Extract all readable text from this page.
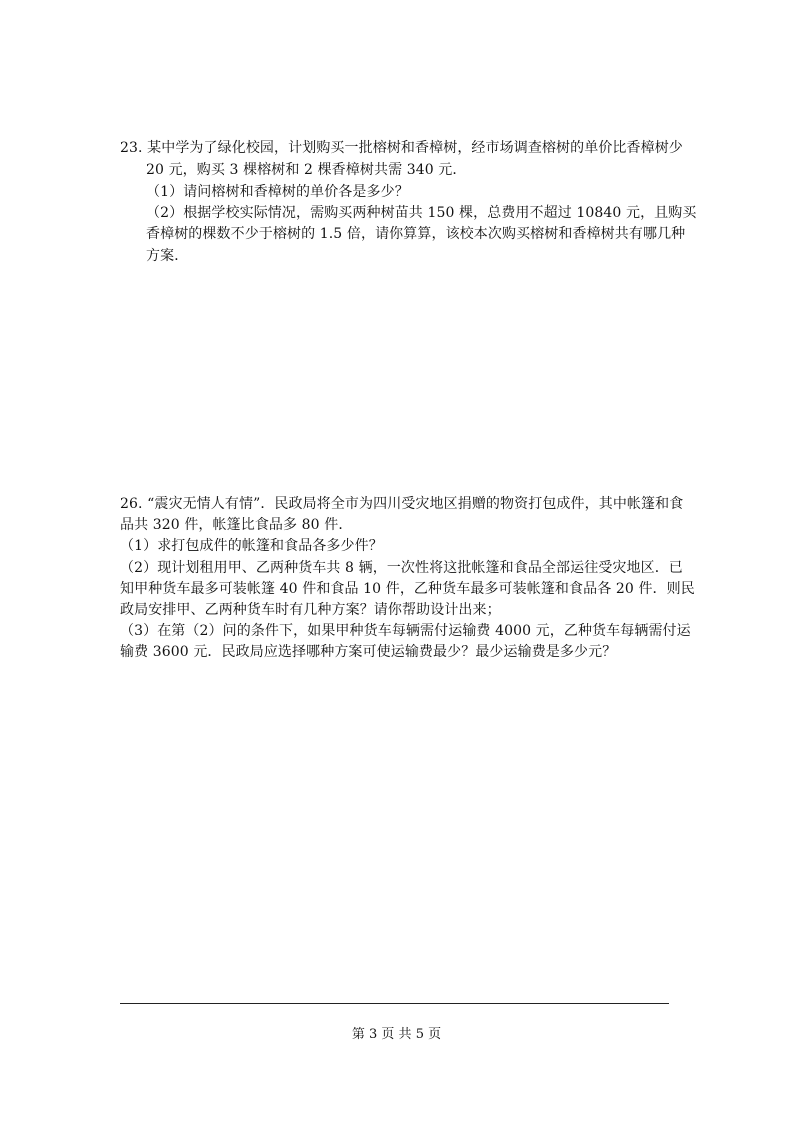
23. 某中学为了绿化校园，计划购买一批榕树和香樟树，经市场调查榕树的单价比香樟树少
20 元，购买 3 棵榕树和 2 棵香樟树共需 340 元．
（1）请问榕树和香樟树的单价各是多少？
（2）根据学校实际情况，需购买两种树苗共 150 棵，总费用不超过 10840 元，且购买
香樟树的棵数不少于榕树的 1.5 倍，请你算算，该校本次购买榕树和香樟树共有哪几种
方案．
26. “震灾无情人有情”．民政局将全市为四川受灾地区捐赠的物资打包成件，其中帐篷和食
品共 320 件，帐篷比食品多 80 件．
（1）求打包成件的帐篷和食品各多少件？
（2）现计划租用甲、乙两种货车共 8 辆，一次性将这批帐篷和食品全部运往受灾地区．已
知甲种货车最多可装帐篷 40 件和食品 10 件，乙种货车最多可装帐篷和食品各 20 件．则民
政局安排甲、乙两种货车时有几种方案？请你帮助设计出来；
（3）在第（2）问的条件下，如果甲种货车每辆需付运输费 4000 元，乙种货车每辆需付运
输费 3600 元．民政局应选择哪种方案可使运输费最少？最少运输费是多少元？
第 3 页 共 5 页
